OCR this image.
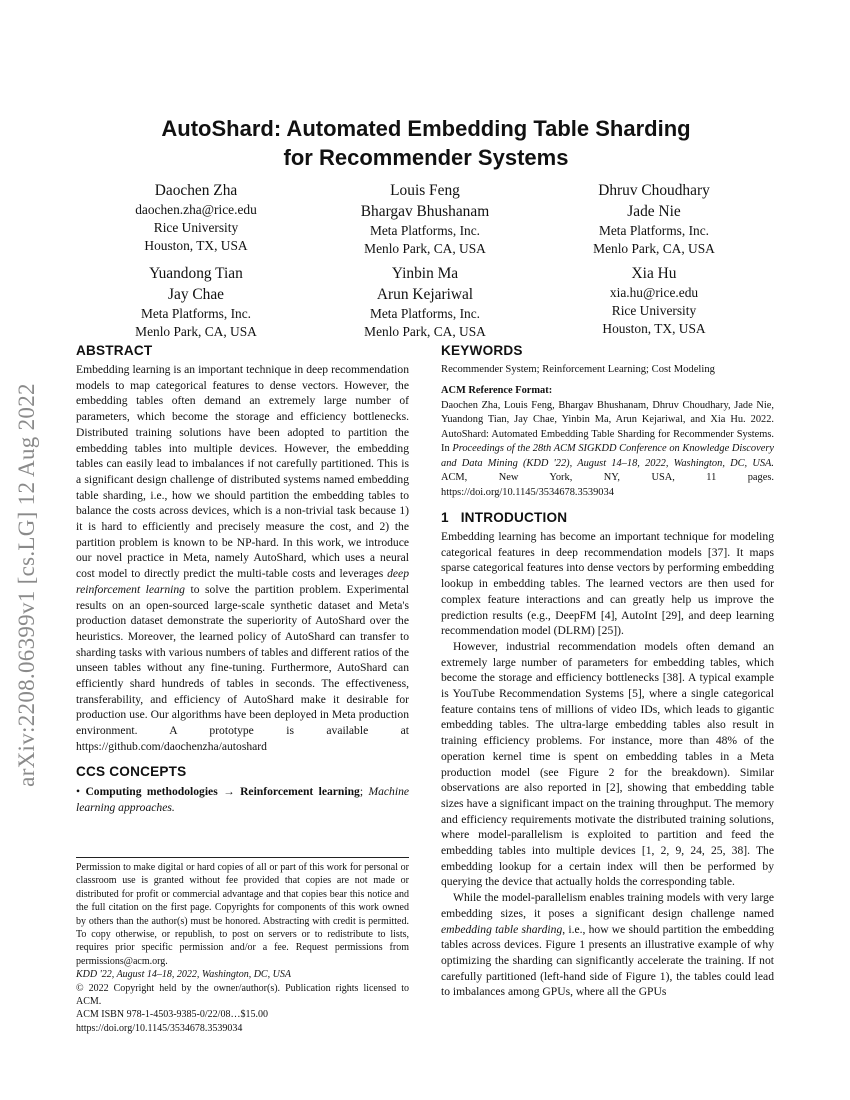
arXiv:2208.06399v1 [cs.LG] 12 Aug 2022
AutoShard: Automated Embedding Table Sharding
for Recommender Systems
Daochen Zha
daochen.zha@rice.edu
Rice University
Houston, TX, USA
Louis Feng
Bhargav Bhushanam
Meta Platforms, Inc.
Menlo Park, CA, USA
Dhruv Choudhary
Jade Nie
Meta Platforms, Inc.
Menlo Park, CA, USA
Yuandong Tian
Jay Chae
Meta Platforms, Inc.
Menlo Park, CA, USA
Yinbin Ma
Arun Kejariwal
Meta Platforms, Inc.
Menlo Park, CA, USA
Xia Hu
xia.hu@rice.edu
Rice University
Houston, TX, USA
ABSTRACT

Embedding learning is an important technique in deep recommendation models to map categorical features to dense vectors. However, the embedding tables often demand an extremely large number of parameters, which become the storage and efficiency bottlenecks. Distributed training solutions have been adopted to partition the embedding tables into multiple devices. However, the embedding tables can easily lead to imbalances if not carefully partitioned. This is a significant design challenge of distributed systems named embedding table sharding, i.e., how we should partition the embedding tables to balance the costs across devices, which is a non-trivial task because 1) it is hard to efficiently and precisely measure the cost, and 2) the partition problem is known to be NP-hard. In this work, we introduce our novel practice in Meta, namely AutoShard, which uses a neural cost model to directly predict the multi-table costs and leverages deep reinforcement learning to solve the partition problem. Experimental results on an open-sourced large-scale synthetic dataset and Meta's production dataset demonstrate the superiority of AutoShard over the heuristics. Moreover, the learned policy of AutoShard can transfer to sharding tasks with various numbers of tables and different ratios of the unseen tables without any fine-tuning. Furthermore, AutoShard can efficiently shard hundreds of tables in seconds. The effectiveness, transferability, and efficiency of AutoShard make it desirable for production use. Our algorithms have been deployed in Meta production environment. A prototype is available at https://github.com/daochenzha/autoshard

CCS CONCEPTS

• Computing methodologies → Reinforcement learning; Machine learning approaches.

Permission to make digital or hard copies of all or part of this work for personal or classroom use is granted without fee provided that copies are not made or distributed for profit or commercial advantage and that copies bear this notice and the full citation on the first page. Copyrights for components of this work owned by others than the author(s) must be honored. Abstracting with credit is permitted. To copy otherwise, or republish, to post on servers or to redistribute to lists, requires prior specific permission and/or a fee. Request permissions from permissions@acm.org.
KDD '22, August 14–18, 2022, Washington, DC, USA
© 2022 Copyright held by the owner/author(s). Publication rights licensed to ACM.
ACM ISBN 978-1-4503-9385-0/22/08…$15.00
https://doi.org/10.1145/3534678.3539034
KEYWORDS
Recommender System; Reinforcement Learning; Cost Modeling
ACM Reference Format:
Daochen Zha, Louis Feng, Bhargav Bhushanam, Dhruv Choudhary, Jade Nie, Yuandong Tian, Jay Chae, Yinbin Ma, Arun Kejariwal, and Xia Hu. 2022. AutoShard: Automated Embedding Table Sharding for Recommender Systems. In Proceedings of the 28th ACM SIGKDD Conference on Knowledge Discovery and Data Mining (KDD '22), August 14–18, 2022, Washington, DC, USA. ACM, New York, NY, USA, 11 pages. https://doi.org/10.1145/3534678.3539034
1 INTRODUCTION

Embedding learning has become an important technique for modeling categorical features in deep recommendation models [37]. It maps sparse categorical features into dense vectors by performing embedding lookup in embedding tables. The learned vectors are then used for complex feature interactions and can greatly help us improve the prediction results (e.g., DeepFM [4], AutoInt [29], and deep learning recommendation model (DLRM) [25]).

However, industrial recommendation models often demand an extremely large number of parameters for embedding tables, which become the storage and efficiency bottlenecks [38]. A typical example is YouTube Recommendation Systems [5], where a single categorical feature contains tens of millions of video IDs, which leads to gigantic embedding tables. The ultra-large embedding tables also result in training efficiency problems. For instance, more than 48% of the operation kernel time is spent on embedding tables in a Meta production model (see Figure 2 for the breakdown). Similar observations are also reported in [2], showing that embedding table sizes have a significant impact on the training throughput. The memory and efficiency requirements motivate the distributed training solutions, where model-parallelism is exploited to partition and feed the embedding tables into multiple devices [1, 2, 9, 24, 25, 38]. The embedding lookup for a certain index will then be performed by querying the device that actually holds the corresponding table.

While the model-parallelism enables training models with very large embedding sizes, it poses a significant design challenge named embedding table sharding, i.e., how we should partition the embedding tables across devices. Figure 1 presents an illustrative example of why optimizing the sharding can significantly accelerate the training. If not carefully partitioned (left-hand side of Figure 1), the tables could lead to imbalances among GPUs, where all the GPUs
